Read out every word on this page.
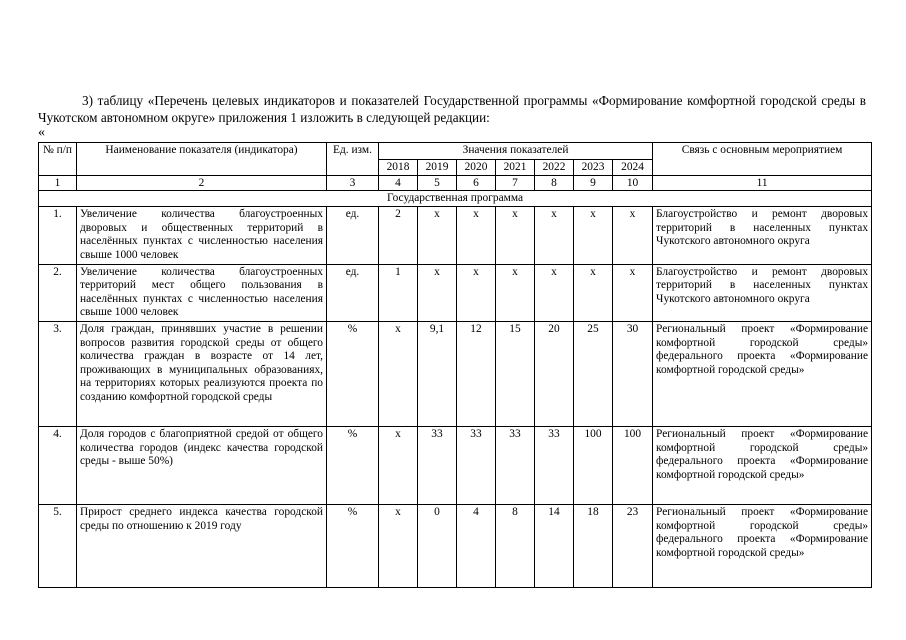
3) таблицу «Перечень целевых индикаторов и показателей Государственной программы «Формирование комфортной городской среды в Чукотском автономном округе» приложения 1 изложить в следующей редакции:

«
№ п/п	Наименование показателя (индикатора)	Ед. изм.	Значения показателей							Связь с основным мероприятием
			2018	2019	2020	2021	2022	2023	2024	
1	2	3	4	5	6	7	8	9	10	11
Государственная программа										
1.	Увеличение количества благоустроенных дворовых и общественных территорий в населённых пунктах с численностью населения свыше 1000 человек	ед.	2	х	х	х	х	х	х	Благоустройство и ремонт дворовых территорий в населенных пунктах Чукотского автономного округа
2.	Увеличение количества благоустроенных территорий мест общего пользования в населённых пунктах с численностью населения свыше 1000 человек	ед.	1	х	х	х	х	х	х	Благоустройство и ремонт дворовых территорий в населенных пунктах Чукотского автономного округа
3.	Доля граждан, принявших участие в решении вопросов развития городской среды от общего количества граждан в возрасте от 14 лет, проживающих в муниципальных образованиях, на территориях которых реализуются проекта по созданию комфортной городской среды	%	х	9,1	12	15	20	25	30	Региональный проект «Формирование комфортной городской среды» федерального проекта «Формирование комфортной городской среды»
4.	Доля городов с благоприятной средой от общего количества городов (индекс качества городской среды - выше 50%)	%	х	33	33	33	33	100	100	Региональный проект «Формирование комфортной городской среды» федерального проекта «Формирование комфортной городской среды»
5.	Прирост среднего индекса качества городской среды по отношению к 2019 году	%	х	0	4	8	14	18	23	Региональный проект «Формирование комфортной городской среды» федерального проекта «Формирование комфортной городской среды»
